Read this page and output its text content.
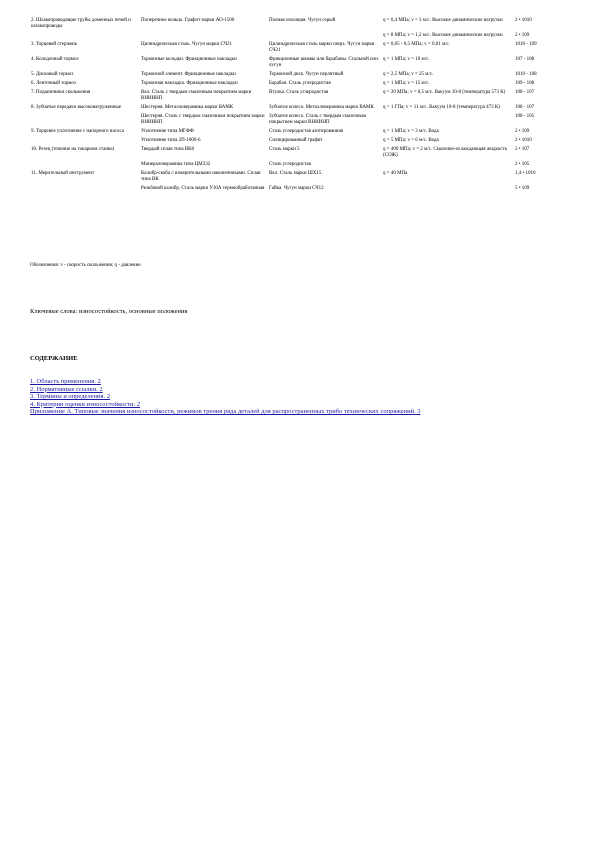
2. Шлакопроводящие трубы доменных печей и шлакопроводы	Поперечное кольцо. Графит марки АО-1500	Полная изоляция. Чугун серый	q = 0,4 МПа; v = 3 м/с. Высокие динамические нагрузки	2 • 1010
			q = 8 МПа; v = 1,2 м/с. Высокие динамические нагрузки	2 • 109
3. Торцевой стержень	Цилиндрическая сталь. Чугун марки СЧ21	Цилиндрическая сталь марки сверх. Чугун марки СЧ21	q = 0,05 - 0,5 МПа; v = 0,01 м/с.	1010 - 109
4. Колодочный тормоз	Тормозные колодки. Фрикционные накладки	Фрикционные шкивы или барабаны. Стальной или чугун	q = 1 МПа; v = 10 м/с.	107 - 108
5. Дисковый тормоз	Тормозной элемент. Фрикционные накладки	Тормозной диск. Чугун перлитный	q = 2,5 МПа; v = 25 м/с.	1010 - 108
6. Ленточный тормоз	Тормозная накладка. Фрикционные накладки	Барабан. Сталь углеродистая	q = 1 МПа; v = 15 м/с.	109 - 108
7. Подшипники скольжения	Вкл. Сталь с твердым смазочным покрытием марки ВНИИНП	Втулка. Сталь углеродистая	q = 20 МПа; v = 0,5 м/с. Вакуум 10-8 (температура 573 К)	108 - 107
8. Зубчатые передачи высоконагруженные	Шестерня. Металлокерамика марки ВАМК	Зубчатое колесо. Металлокерамика марки ВАМК	q = 1 ГПа; v = 11 м/с. Вакуум 10-8 (температура 473 К)	108 - 107
	Шестерня. Сталь с твердым смазочным покрытием марки ВНИИНП	Зубчатое колесо. Сталь с твердым смазочным покрытием марки ВНИИНП		108 - 105
9. Торцевое уплотнение с напорного насоса	Уплотнение типа МГФФ	Сталь углеродистая азотированная	q = 1 МПа; v = 3 м/с. Вода	2 • 109
	Уплотнение типа 2П-1000-6	Силицированный графит	q = 5 МПа; v = 6 м/с. Вода	2 • 1010
10. Резец (точение на токарном станке)	Твердый сплав типа ВК8	Сталь марки 5	q = 400 МПа; v = 2 м/с. Смазочно-охлаждающая жидкость (СОЖ)	2 • 107
	Минералокерамика типа ЦМ332	Сталь углеродистая		2 • 105
11. Мерительный инструмент	Калибр-скоба с измерительными наконечниками. Сплав типа ВК	Вкл. Сталь марки ШХ15	q = 40 МПа	1,4 • 1010
	Резьбовой калибр. Сталь марки У10А термообработанная	Гайка. Чугун марки СЧ12		5 • 109
Обозначения: v - скорость скольжения; q - давление.
Ключевые слова: износостойкость, основные положения
СОДЕРЖАНИЕ
1. Область применения. 2
2. Нормативные ссылки. 2
3. Термины и определения. 2
4. Критерии оценки износостойкости. 2
Приложение А. Типовые значения износостойкости, режимов трения ряда деталей для распространенных трибо технических сопряжений. 3
